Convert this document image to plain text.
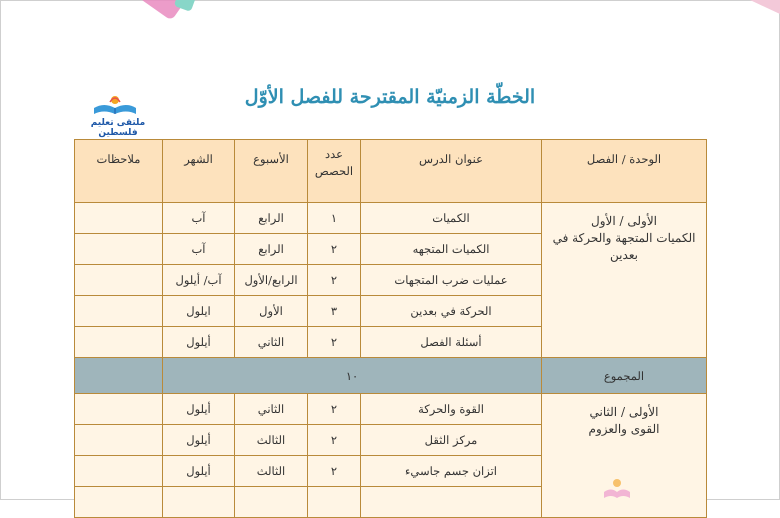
ملتقى تعليم فلسطين
الخطّة الزمنيّة المقترحة للفصل الأوّل
الوحدة / الفصل	عنوان الدرس	عدد
الحصص	الأسبوع	الشهر	ملاحظات
الأولى / الأول
الكميات المتجهة والحركة في
بعدين	الكميات	١	الرابع	آب	
	الكميات المتجهه	٢	الرابع	آب	
	عمليات ضرب المتجهات	٢	الرابع/الأول	آب/ أيلول	
	الحركة في بعدين	٣	الأول	ايلول	
	أسئلة الفصل	٢	الثاني	أيلول	
المجموع	١٠				
الأولى / الثاني
القوى والعزوم	القوة والحركة	٢	الثاني	أيلول	
	مركز الثقل	٢	الثالث	أيلول	
	اتزان جسم جاسيء	٢	الثالث	أيلول	
